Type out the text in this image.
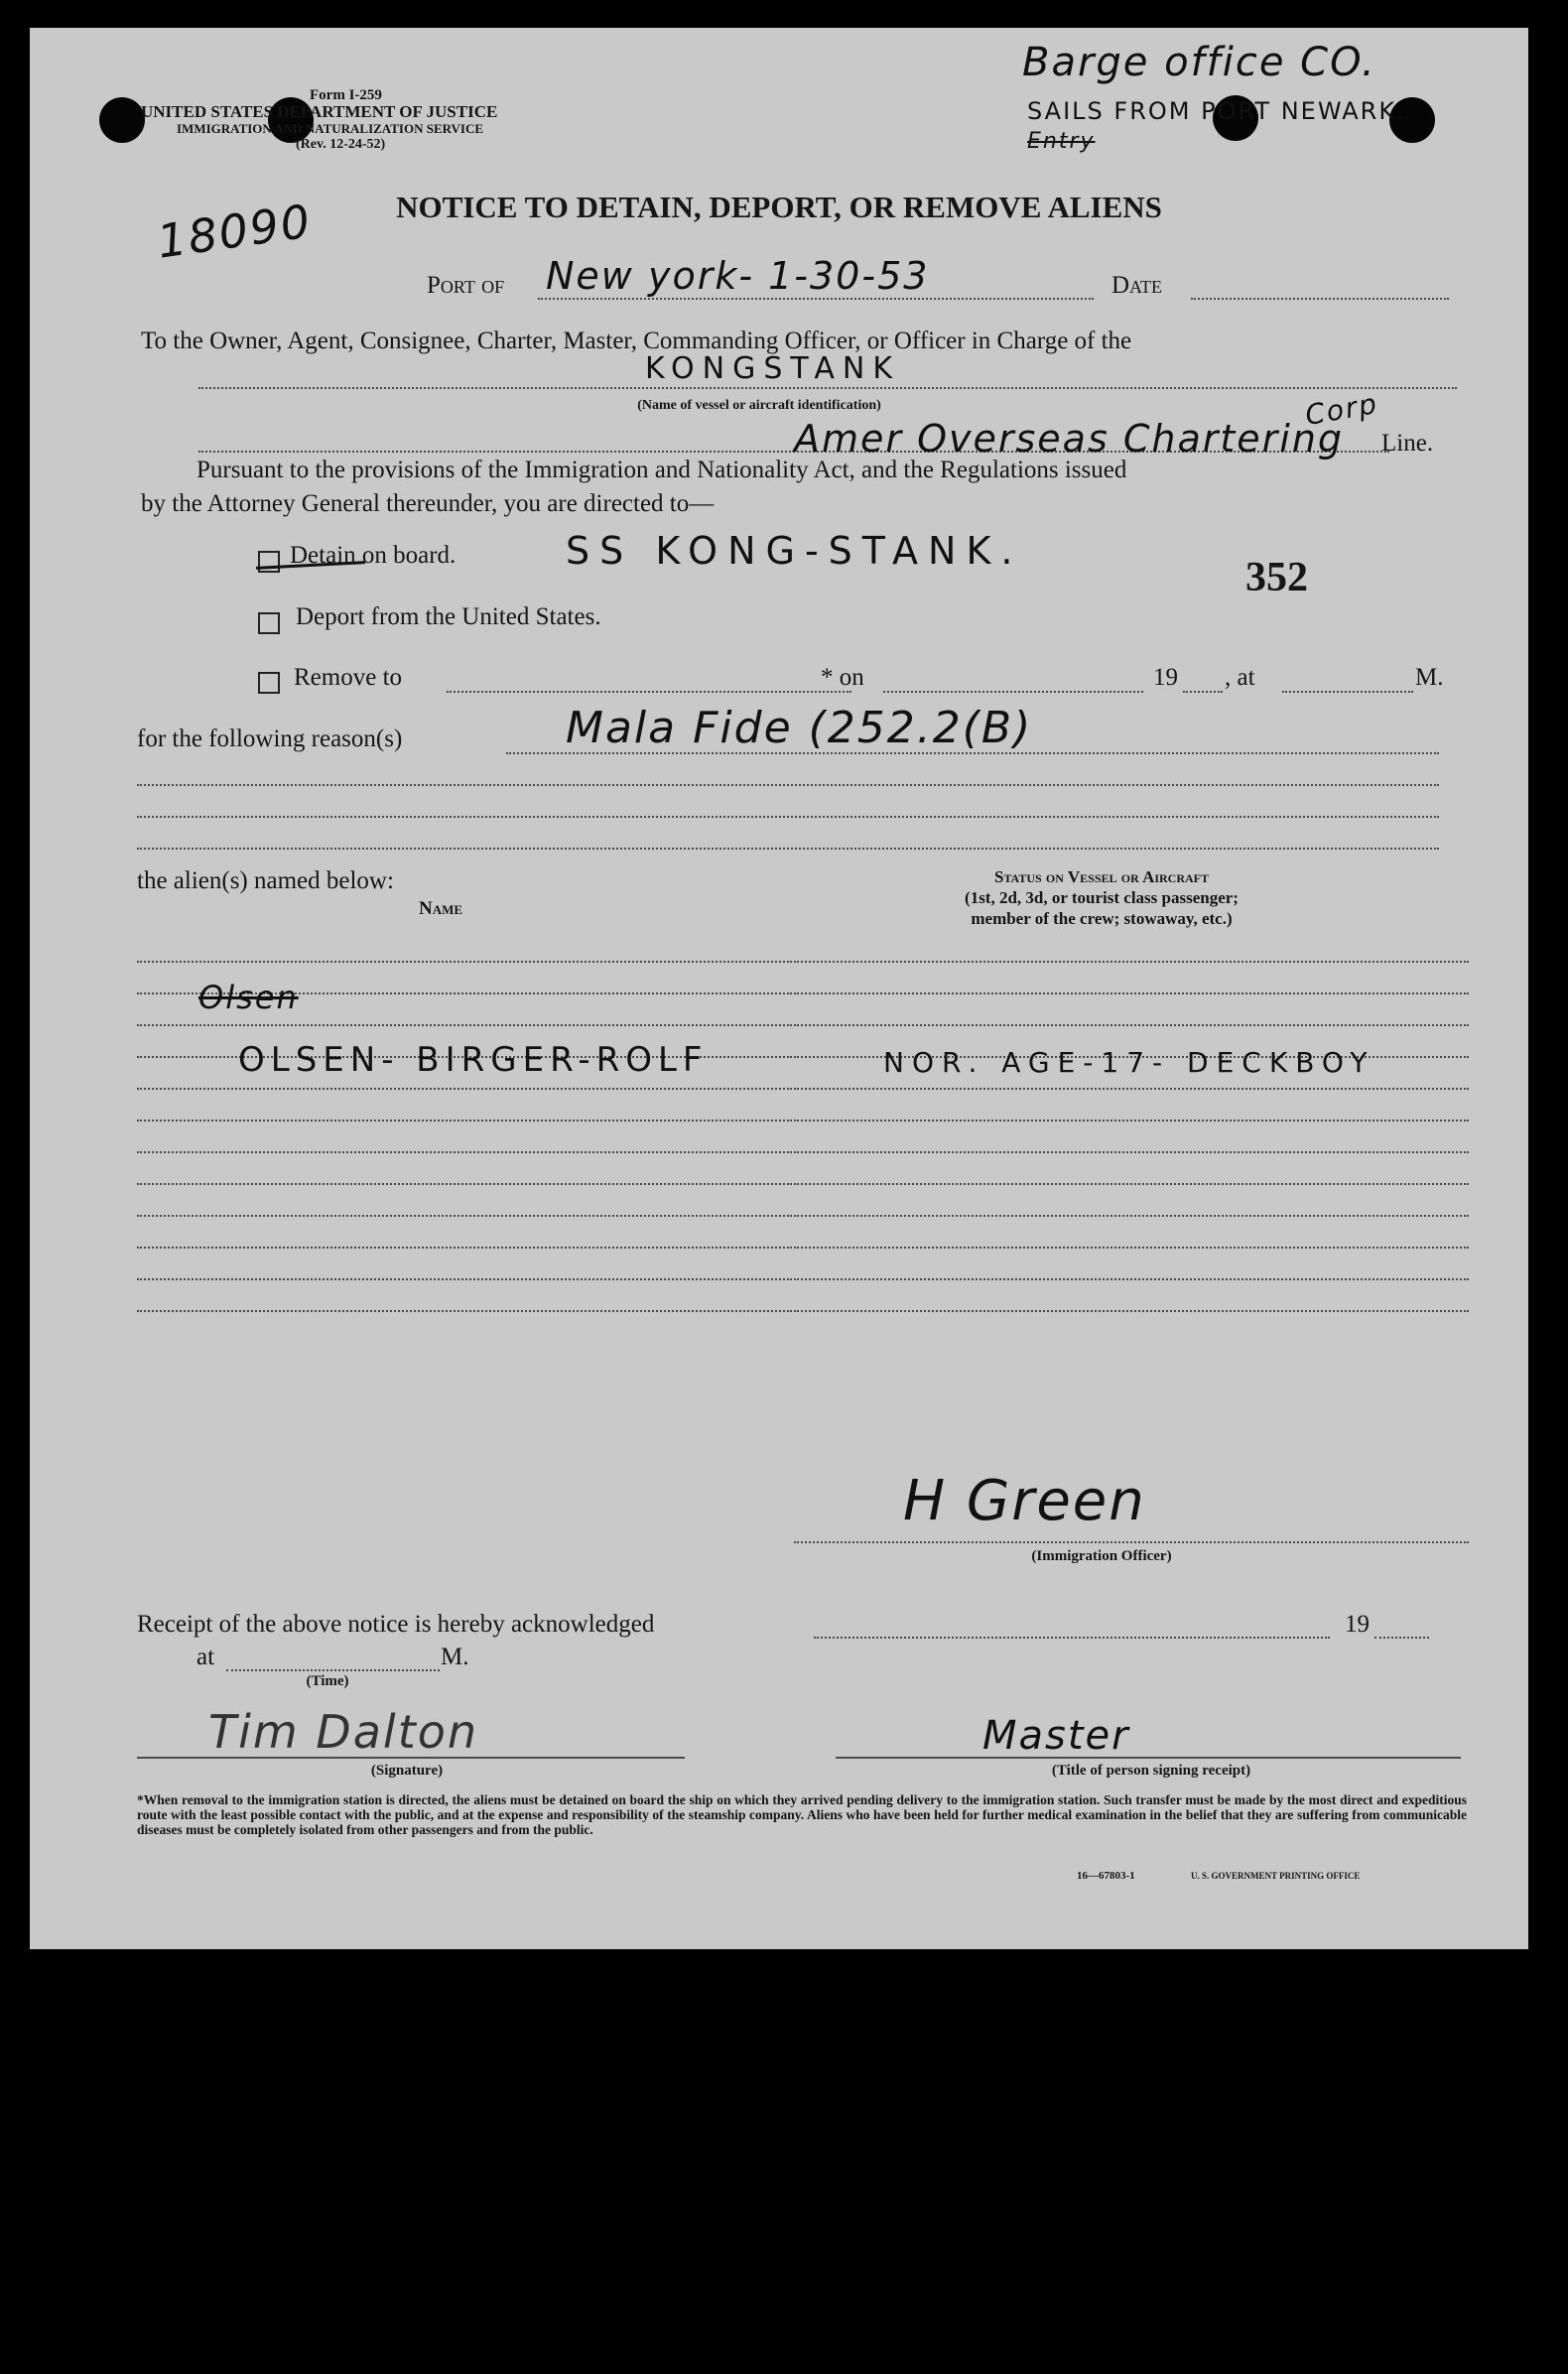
Form I-259
UNITED STATES DEPARTMENT OF JUSTICE
IMMIGRATION AND NATURALIZATION SERVICE
(Rev. 12-24-52)
Barge office CO.
SAILS FROM PORT NEWARK.
Entry
18090	NOTICE TO DETAIN, DEPORT, OR REMOVE ALIENS
Port of New york- 1-30-53	Date
To the Owner, Agent, Consignee, Charter, Master, Commanding Officer, or Officer in Charge of the
KONGSTANK
(Name of vessel or aircraft identification)
Amer Overseas Chartering
Corp
Line.
Pursuant to the provisions of the Immigration and Nationality Act, and the Regulations issued
by the Attorney General thereunder, you are directed to—
Detain on board.	SS KONG-STANK.
352
Deport from the United States.
Remove to	* on	19 , at	M.
for the following reason(s)	Mala Fide (252.2(B)
the alien(s) named below:
Name
Status on Vessel or Aircraft
(1st, 2d, 3d, or tourist class passenger;
member of the crew; stowaway, etc.)
Olsen
OLSEN- BIRGER-ROLF	NOR. AGE-17- DECKBOY
H Green
(Immigration Officer)
Receipt of the above notice is hereby acknowledged	19
at	M.
(Time)
Tim Dalton
(Signature)
Master
(Title of person signing receipt)
*When removal to the immigration station is directed, the aliens must be detained on board the ship on which they arrived pending delivery to the immigration station. Such transfer must be made by the most direct and expeditious route with the least possible contact with the public, and at the expense and responsibility of the steamship company. Aliens who have been held for further medical examination in the belief that they are suffering from communicable diseases must be completely isolated from other passengers and from the public.
16—67803-1	U. S. GOVERNMENT PRINTING OFFICE
